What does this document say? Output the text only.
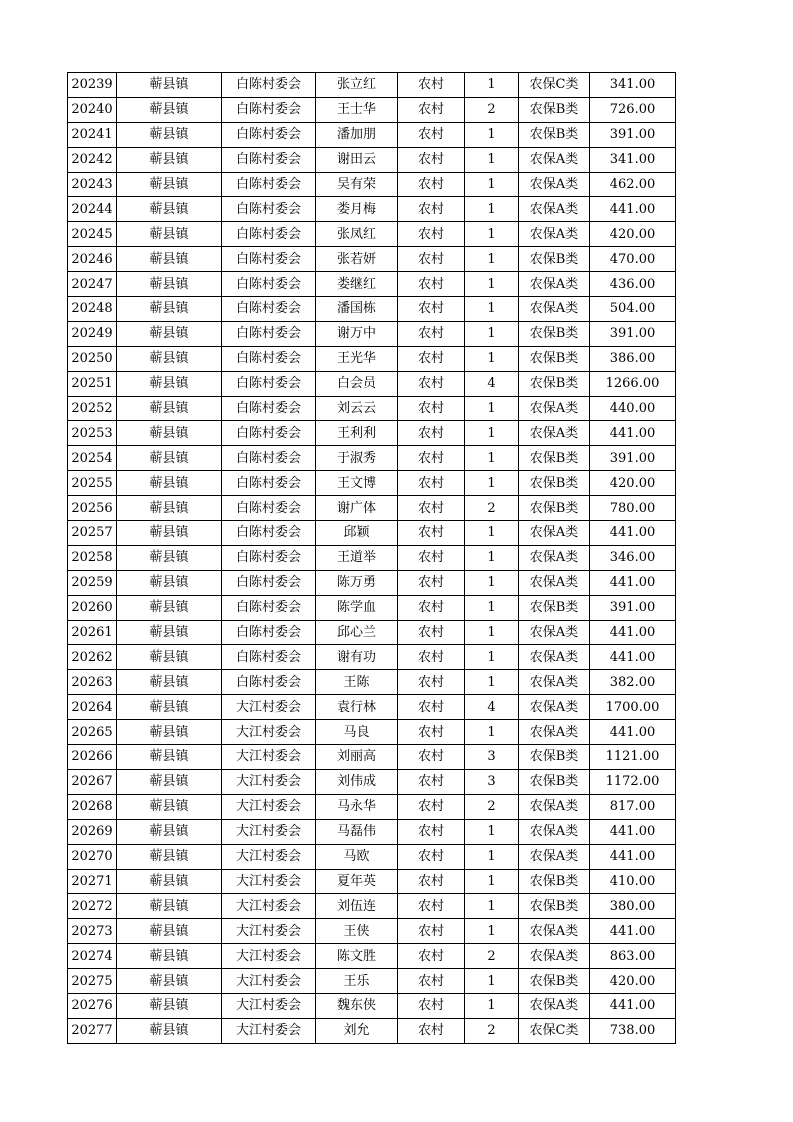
20239	蕲县镇	白陈村委会	张立红	农村	1	农保C类	341.00
20240	蕲县镇	白陈村委会	王士华	农村	2	农保B类	726.00
20241	蕲县镇	白陈村委会	潘加朋	农村	1	农保B类	391.00
20242	蕲县镇	白陈村委会	谢田云	农村	1	农保A类	341.00
20243	蕲县镇	白陈村委会	吴有荣	农村	1	农保A类	462.00
20244	蕲县镇	白陈村委会	娄月梅	农村	1	农保A类	441.00
20245	蕲县镇	白陈村委会	张凤红	农村	1	农保A类	420.00
20246	蕲县镇	白陈村委会	张若妍	农村	1	农保B类	470.00
20247	蕲县镇	白陈村委会	娄继红	农村	1	农保A类	436.00
20248	蕲县镇	白陈村委会	潘国栋	农村	1	农保A类	504.00
20249	蕲县镇	白陈村委会	谢万中	农村	1	农保B类	391.00
20250	蕲县镇	白陈村委会	王光华	农村	1	农保B类	386.00
20251	蕲县镇	白陈村委会	白会员	农村	4	农保B类	1266.00
20252	蕲县镇	白陈村委会	刘云云	农村	1	农保A类	440.00
20253	蕲县镇	白陈村委会	王利利	农村	1	农保A类	441.00
20254	蕲县镇	白陈村委会	于淑秀	农村	1	农保B类	391.00
20255	蕲县镇	白陈村委会	王文博	农村	1	农保B类	420.00
20256	蕲县镇	白陈村委会	谢广体	农村	2	农保B类	780.00
20257	蕲县镇	白陈村委会	邱颖	农村	1	农保A类	441.00
20258	蕲县镇	白陈村委会	王道举	农村	1	农保A类	346.00
20259	蕲县镇	白陈村委会	陈万勇	农村	1	农保A类	441.00
20260	蕲县镇	白陈村委会	陈学血	农村	1	农保B类	391.00
20261	蕲县镇	白陈村委会	邱心兰	农村	1	农保A类	441.00
20262	蕲县镇	白陈村委会	谢有功	农村	1	农保A类	441.00
20263	蕲县镇	白陈村委会	王陈	农村	1	农保A类	382.00
20264	蕲县镇	大江村委会	袁行林	农村	4	农保A类	1700.00
20265	蕲县镇	大江村委会	马良	农村	1	农保A类	441.00
20266	蕲县镇	大江村委会	刘丽高	农村	3	农保B类	1121.00
20267	蕲县镇	大江村委会	刘伟成	农村	3	农保B类	1172.00
20268	蕲县镇	大江村委会	马永华	农村	2	农保A类	817.00
20269	蕲县镇	大江村委会	马磊伟	农村	1	农保A类	441.00
20270	蕲县镇	大江村委会	马欧	农村	1	农保A类	441.00
20271	蕲县镇	大江村委会	夏年英	农村	1	农保B类	410.00
20272	蕲县镇	大江村委会	刘伍连	农村	1	农保B类	380.00
20273	蕲县镇	大江村委会	王侠	农村	1	农保A类	441.00
20274	蕲县镇	大江村委会	陈文胜	农村	2	农保A类	863.00
20275	蕲县镇	大江村委会	王乐	农村	1	农保B类	420.00
20276	蕲县镇	大江村委会	魏东侠	农村	1	农保A类	441.00
20277	蕲县镇	大江村委会	刘允	农村	2	农保C类	738.00
